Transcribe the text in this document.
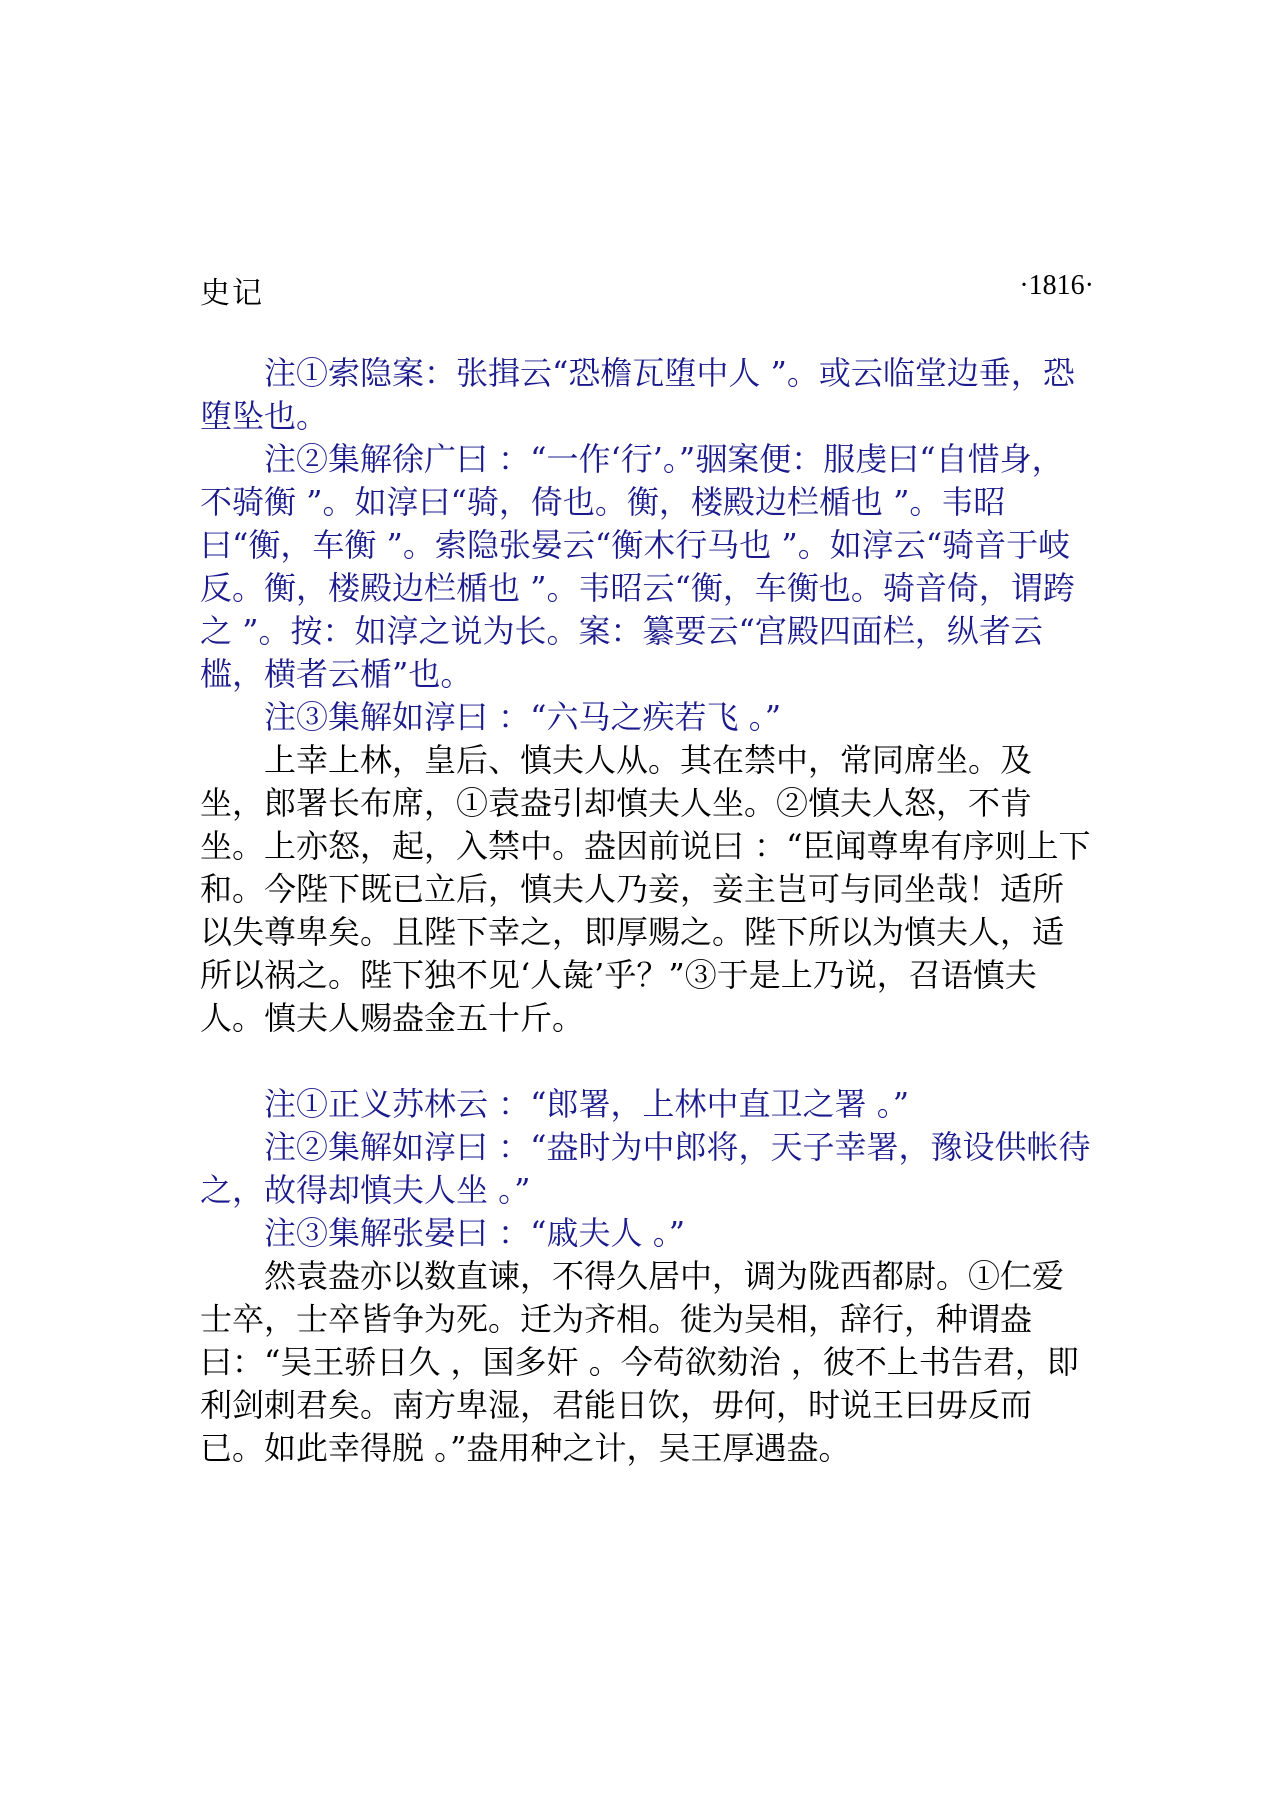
史记	·1816·

注①索隐案：张揖云“恐檐瓦堕中人 ”。或云临堂边垂，恐堕坠也。

注②集解徐广曰 ：“一作‘行’。”骃案便：服虔曰“自惜身，不骑衡 ”。如淳曰“骑，倚也。衡，楼殿边栏楯也 ”。韦昭曰“衡，车衡 ”。索隐张晏云“衡木行马也 ”。如淳云“骑音于岐反。衡，楼殿边栏楯也 ”。韦昭云“衡，车衡也。骑音倚，谓跨之 ”。按：如淳之说为长。案：纂要云“宫殿四面栏，纵者云槛，横者云楯”也。

注③集解如淳曰 ：“六马之疾若飞 。”

上幸上林，皇后、慎夫人从。其在禁中，常同席坐。及坐，郎署长布席，①袁盎引却慎夫人坐。②慎夫人怒，不肯坐。上亦怒，起，入禁中。盎因前说曰 ：“臣闻尊卑有序则上下和。今陛下既已立后，慎夫人乃妾，妾主岂可与同坐哉！适所以失尊卑矣。且陛下幸之，即厚赐之。陛下所以为慎夫人，适所以祸之。陛下独不见‘人彘’乎？”③于是上乃说，召语慎夫人。慎夫人赐盎金五十斤。

注①正义苏林云 ：“郎署，上林中直卫之署 。”

注②集解如淳曰 ：“盎时为中郎将，天子幸署，豫设供帐待之，故得却慎夫人坐 。”

注③集解张晏曰 ：“戚夫人 。”

然袁盎亦以数直谏，不得久居中，调为陇西都尉。①仁爱士卒，士卒皆争为死。迁为齐相。徙为吴相，辞行，种谓盎曰：“吴王骄日久 ，国多奸 。今苟欲劾治 ，彼不上书告君，即利剑刺君矣。南方卑湿，君能日饮，毋何，时说王曰毋反而已。如此幸得脱 。”盎用种之计，吴王厚遇盎。
